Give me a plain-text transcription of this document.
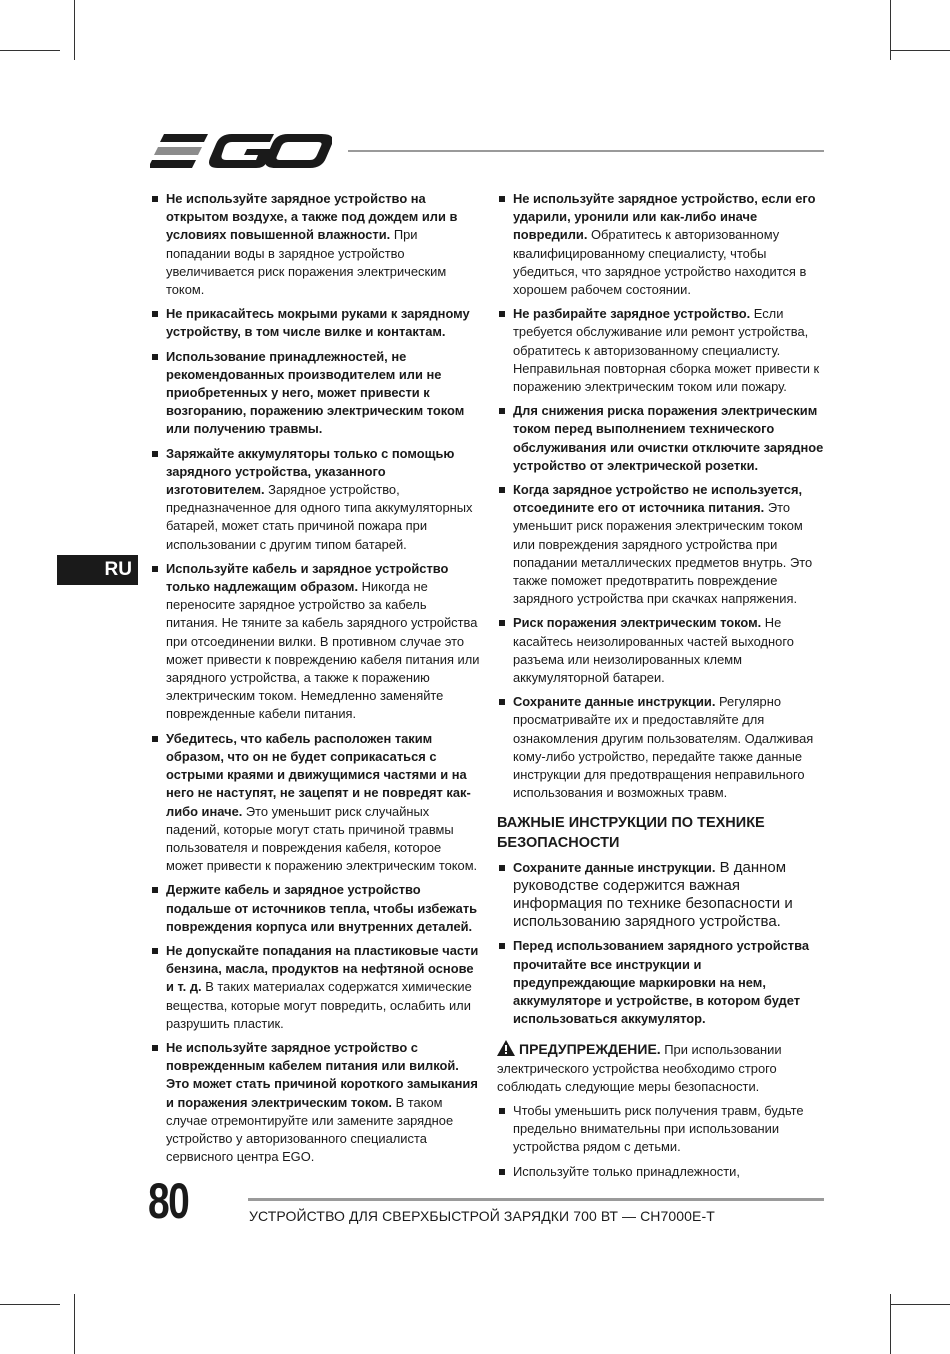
RU
Не используйте зарядное устройство на открытом воздухе, а также под дождем или в условиях повышенной влажности. При попадании воды в зарядное устройство увеличивается риск поражения электрическим током.
Не прикасайтесь мокрыми руками к зарядному устройству, в том числе вилке и контактам.
Использование принадлежностей, не рекомендованных производителем или не приобретенных у него, может привести к возгоранию, поражению электрическим током или получению травмы.
Заряжайте аккумуляторы только с помощью зарядного устройства, указанного изготовителем. Зарядное устройство, предназначенное для одного типа аккумуляторных батарей, может стать причиной пожара при использовании с другим типом батарей.
Используйте кабель и зарядное устройство только надлежащим образом. Никогда не переносите зарядное устройство за кабель питания. Не тяните за кабель зарядного устройства при отсоединении вилки. В противном случае это может привести к повреждению кабеля питания или зарядного устройства, а также к поражению электрическим током. Немедленно заменяйте поврежденные кабели питания.
Убедитесь, что кабель расположен таким образом, что он не будет соприкасаться с острыми краями и движущимися частями и на него не наступят, не зацепят и не повредят как-либо иначе. Это уменьшит риск случайных падений, которые могут стать причиной травмы пользователя и повреждения кабеля, которое может привести к поражению электрическим током.
Держите кабель и зарядное устройство подальше от источников тепла, чтобы избежать повреждения корпуса или внутренних деталей.
Не допускайте попадания на пластиковые части бензина, масла, продуктов на нефтяной основе и т. д. В таких материалах содержатся химические вещества, которые могут повредить, ослабить или разрушить пластик.
Не используйте зарядное устройство с поврежденным кабелем питания или вилкой. Это может стать причиной короткого замыкания и поражения электрическим током. В таком случае отремонтируйте или замените зарядное устройство у авторизованного специалиста сервисного центра EGO.
Не используйте зарядное устройство, если его ударили, уронили или как-либо иначе повредили. Обратитесь к авторизованному квалифицированному специалисту, чтобы убедиться, что зарядное устройство находится в хорошем рабочем состоянии.
Не разбирайте зарядное устройство. Если требуется обслуживание или ремонт устройства, обратитесь к авторизованному специалисту. Неправильная повторная сборка может привести к поражению электрическим током или пожару.
Для снижения риска поражения электрическим током перед выполнением технического обслуживания или очистки отключите зарядное устройство от электрической розетки.
Когда зарядное устройство не используется, отсоедините его от источника питания. Это уменьшит риск поражения электрическим током или повреждения зарядного устройства при попадании металлических предметов внутрь. Это также поможет предотвратить повреждение зарядного устройства при скачках напряжения.
Риск поражения электрическим током. Не касайтесь неизолированных частей выходного разъема или неизолированных клемм аккумуляторной батареи.
Сохраните данные инструкции. Регулярно просматривайте их и предоставляйте для ознакомления другим пользователям. Одалживая кому-либо устройство, передайте также данные инструкции для предотвращения неправильного использования и возможных травм.
ВАЖНЫЕ ИНСТРУКЦИИ ПО ТЕХНИКЕ БЕЗОПАСНОСТИ
Сохраните данные инструкции. В данном руководстве содержится важная информация по технике безопасности и использованию зарядного устройства.
Перед использованием зарядного устройства прочитайте все инструкции и предупреждающие маркировки на нем, аккумуляторе и устройстве, в котором будет использоваться аккумулятор.
ПРЕДУПРЕЖДЕНИЕ. При использовании электрического устройства необходимо строго соблюдать следующие меры безопасности.
Чтобы уменьшить риск получения травм, будьте предельно внимательны при использовании устройства рядом с детьми.
Используйте только принадлежности,
80	УСТРОЙСТВО ДЛЯ СВЕРХБЫСТРОЙ ЗАРЯДКИ 700 ВТ — CH7000E-T
